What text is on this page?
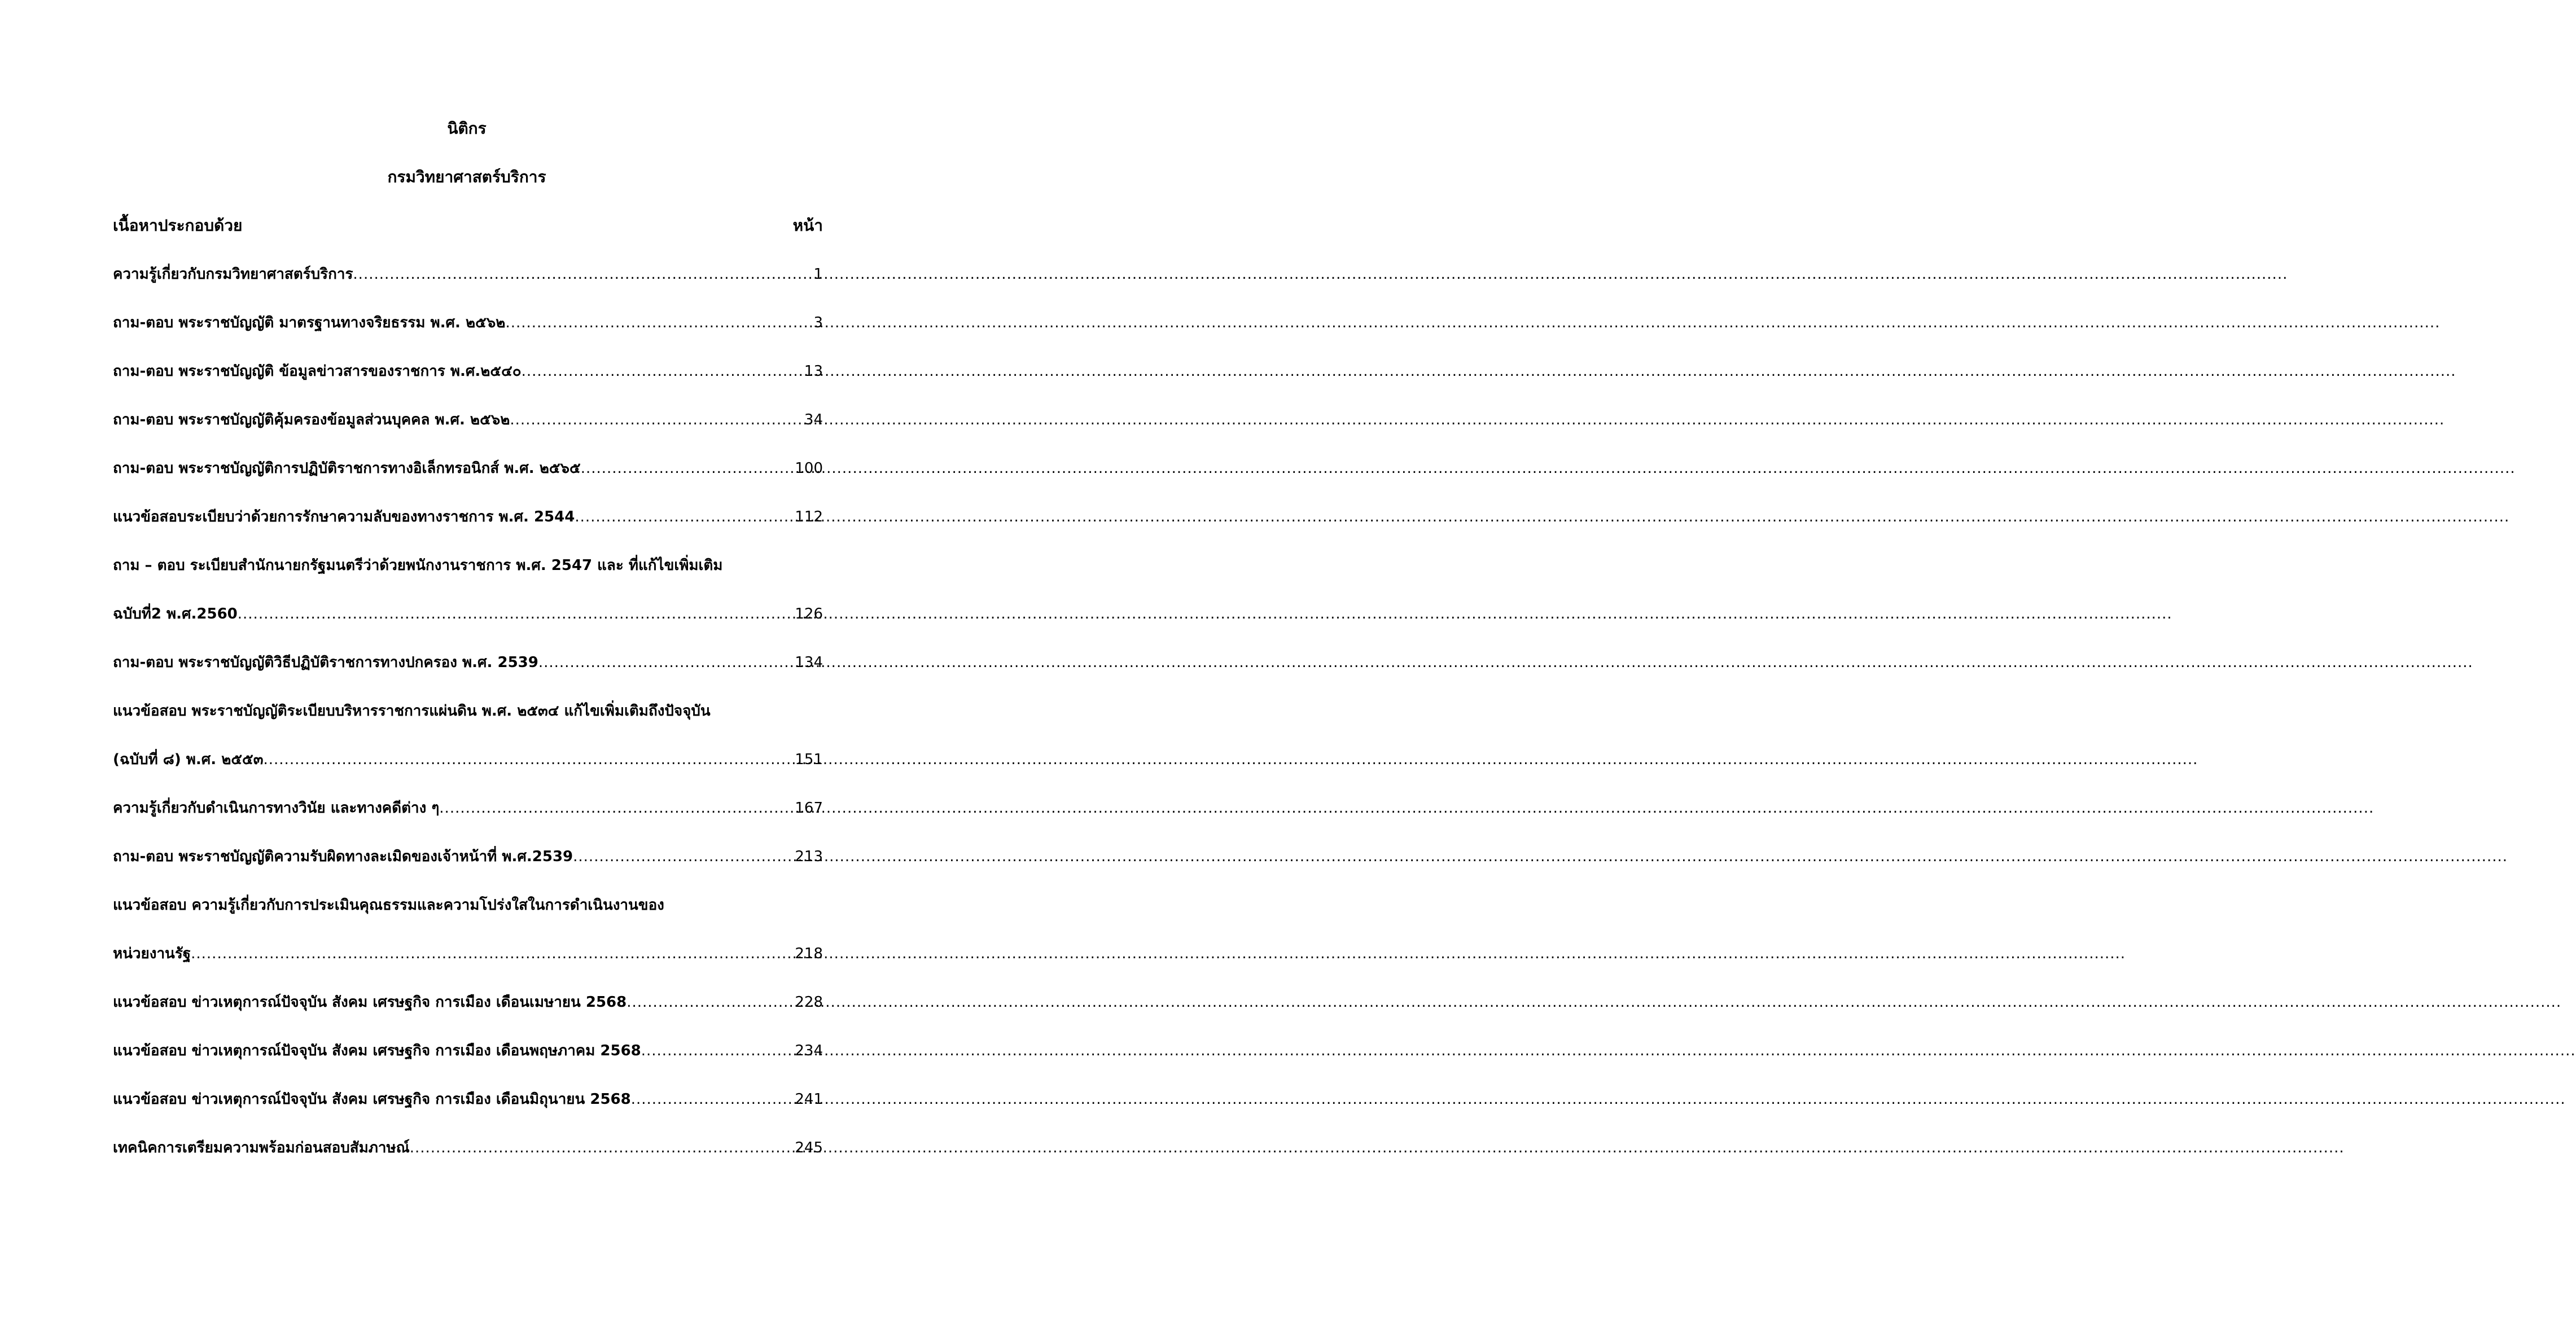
นิติกร
กรมวิทยาศาสตร์บริการ
เนื้อหาประกอบด้วย	หน้า
ความรู้เกี่ยวกับกรมวิทยาศาสตร์บริการ .....	1
ถาม-ตอบ พระราชบัญญัติ มาตรฐานทางจริยธรรม พ.ศ. ๒๕๖๒ .....	3
ถาม-ตอบ พระราชบัญญัติ ข้อมูลข่าวสารของราชการ พ.ศ.๒๕๔๐ .....	13
ถาม-ตอบ พระราชบัญญัติคุ้มครองข้อมูลส่วนบุคคล พ.ศ. ๒๕๖๒ .....	34
ถาม-ตอบ พระราชบัญญัติการปฏิบัติราชการทางอิเล็กทรอนิกส์ พ.ศ. ๒๕๖๕ .....	100
แนวข้อสอบระเบียบว่าด้วยการรักษาความลับของทางราชการ พ.ศ. 2544 .....	112
ถาม – ตอบ ระเบียบสำนักนายกรัฐมนตรีว่าด้วยพนักงานราชการ พ.ศ. 2547 และ ที่แก้ไขเพิ่มเติม
ฉบับที่2 พ.ศ.2560 .....	126
ถาม-ตอบ พระราชบัญญัติวิธีปฏิบัติราชการทางปกครอง พ.ศ. 2539 .....	134
แนวข้อสอบ พระราชบัญญัติระเบียบบริหารราชการแผ่นดิน พ.ศ. ๒๕๓๔ แก้ไขเพิ่มเติมถึงปัจจุบัน
(ฉบับที่ ๘) พ.ศ. ๒๕๕๓ .....	151
ความรู้เกี่ยวกับดำเนินการทางวินัย และทางคดีต่าง ๆ .....	167
ถาม-ตอบ พระราชบัญญัติความรับผิดทางละเมิดของเจ้าหน้าที่ พ.ศ.2539 .....	213
แนวข้อสอบ ความรู้เกี่ยวกับการประเมินคุณธรรมและความโปร่งใสในการดำเนินงานของ
หน่วยงานรัฐ .....	218
แนวข้อสอบ ข่าวเหตุการณ์ปัจจุบัน สังคม เศรษฐกิจ การเมือง เดือนเมษายน 2568 .....	228
แนวข้อสอบ ข่าวเหตุการณ์ปัจจุบัน สังคม เศรษฐกิจ การเมือง เดือนพฤษภาคม 2568 .....	234
แนวข้อสอบ ข่าวเหตุการณ์ปัจจุบัน สังคม เศรษฐกิจ การเมือง เดือนมิถุนายน 2568 .....	241
เทคนิคการเตรียมความพร้อมก่อนสอบสัมภาษณ์ .....	245
